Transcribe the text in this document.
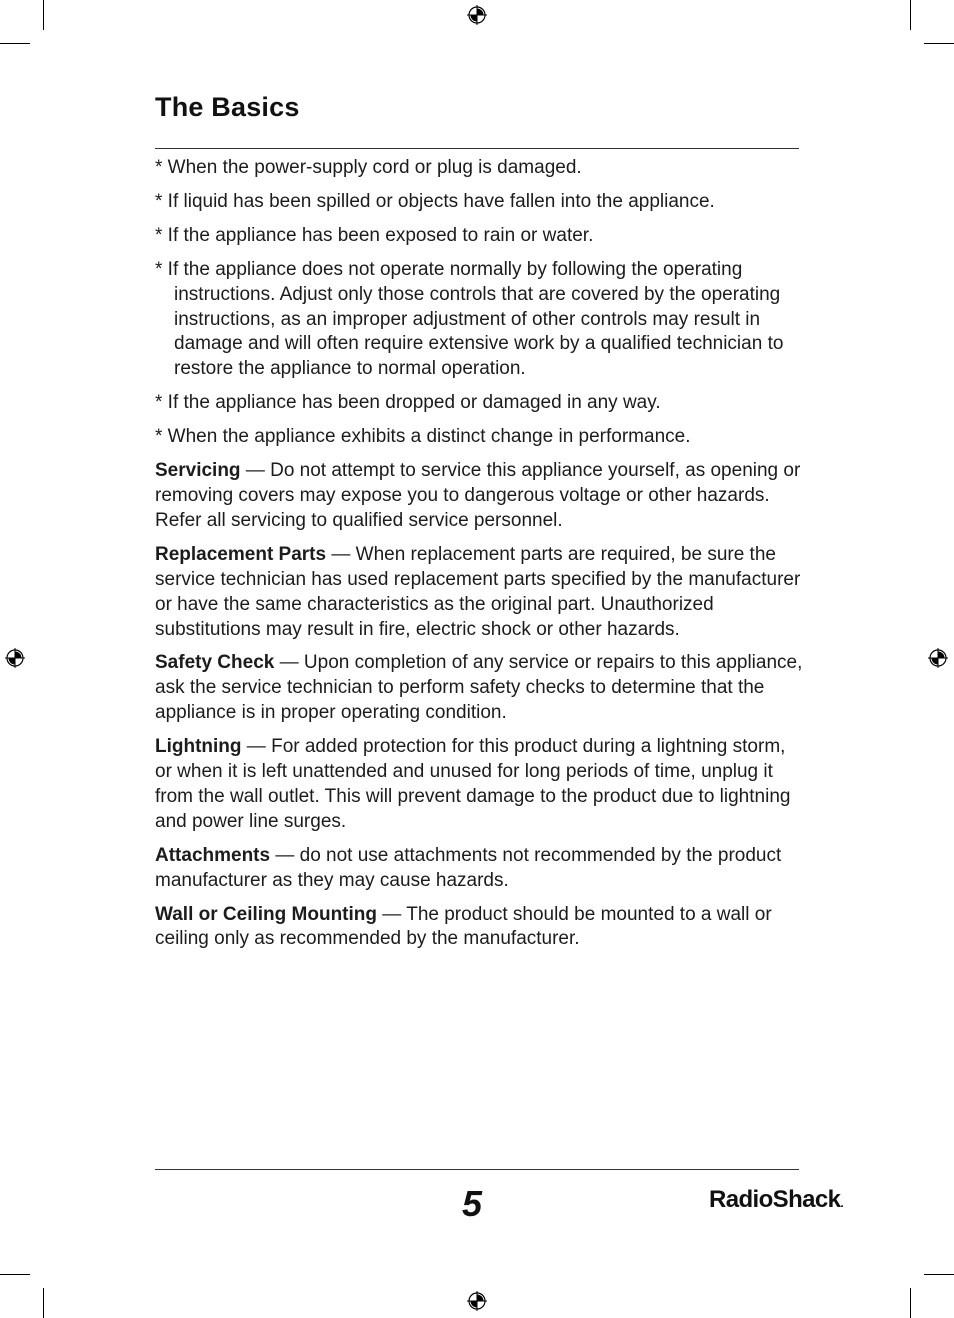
The Basics

* When the power-supply cord or plug is damaged.

* If liquid has been spilled or objects have fallen into the appliance.

* If the appliance has been exposed to rain or water.

* If the appliance does not operate normally by following the operating instructions. Adjust only those controls that are covered by the operating instructions, as an improper adjustment of other controls may result in damage and will often require extensive work by a qualified technician to restore the appliance to normal operation.

* If the appliance has been dropped or damaged in any way.

* When the appliance exhibits a distinct change in performance.

Servicing — Do not attempt to service this appliance yourself, as opening or removing covers may expose you to dangerous voltage or other hazards. Refer all servicing to qualified service personnel.

Replacement Parts — When replacement parts are required, be sure the service technician has used replacement parts specified by the manufacturer or have the same characteristics as the original part. Unauthorized substitutions may result in fire, electric shock or other hazards.

Safety Check — Upon completion of any service or repairs to this appliance, ask the service technician to perform safety checks to determine that the appliance is in proper operating condition.

Lightning — For added protection for this product during a lightning storm, or when it is left unattended and unused for long periods of time, unplug it from the wall outlet. This will prevent damage to the product due to lightning and power line surges.

Attachments — do not use attachments not recommended by the product manufacturer as they may cause hazards.

Wall or Ceiling Mounting — The product should be mounted to a wall or ceiling only as recommended by the manufacturer.

5	RadioShack.
